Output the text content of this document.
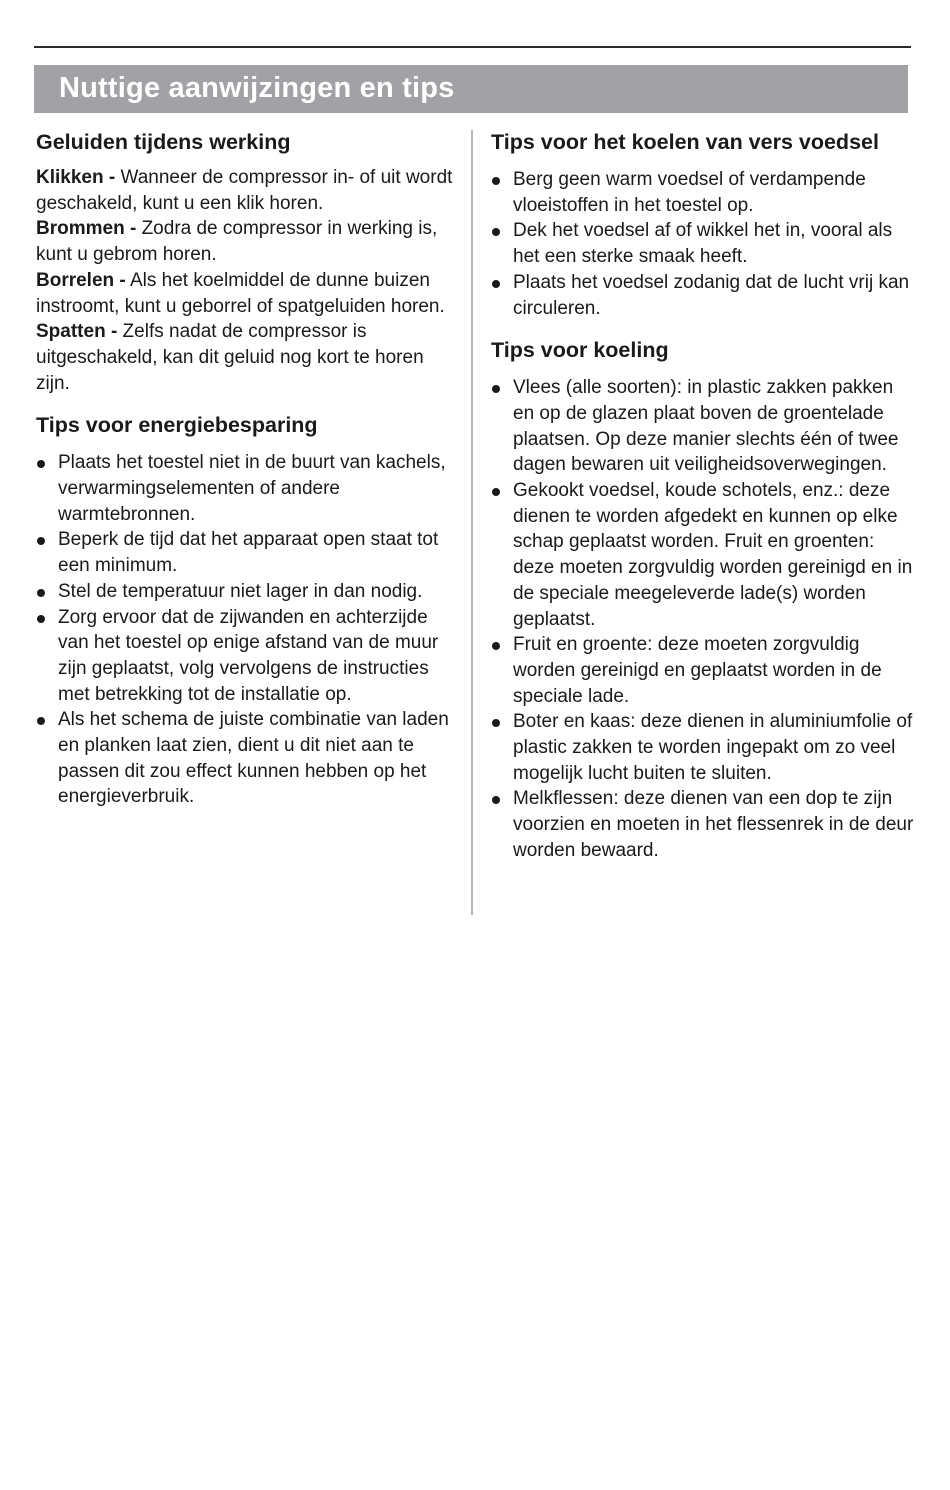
Nuttige aanwijzingen en tips
Geluiden tijdens werking

Klikken - Wanneer de compressor in- of uit wordt geschakeld, kunt u een klik horen.

Brommen - Zodra de compressor in werking is, kunt u gebrom horen.

Borrelen - Als het koelmiddel de dunne buizen instroomt, kunt u geborrel of spatgeluiden horen.

Spatten - Zelfs nadat de compressor is uitgeschakeld, kan dit geluid nog kort te horen zijn.

Tips voor energiebesparing
Plaats het toestel niet in de buurt van kachels, verwarmingselementen of andere warmtebronnen.
Beperk de tijd dat het apparaat open staat tot een minimum.
Stel de temperatuur niet lager in dan nodig.
Zorg ervoor dat de zijwanden en achterzijde van het toestel op enige afstand van de muur zijn geplaatst, volg vervolgens de instructies met betrekking tot de installatie op.
Als het schema de juiste combinatie van laden en planken laat zien, dient u dit niet aan te passen dit zou effect kunnen hebben op het energieverbruik.
Tips voor het koelen van vers voedsel
Berg geen warm voedsel of verdampende vloeistoffen in het toestel op.
Dek het voedsel af of wikkel het in, vooral als het een sterke smaak heeft.
Plaats het voedsel zodanig dat de lucht vrij kan circuleren.
Tips voor koeling
Vlees (alle soorten): in plastic zakken pakken en op de glazen plaat boven de groentelade plaatsen. Op deze manier slechts één of twee dagen bewaren uit veiligheidsoverwegingen.
Gekookt voedsel, koude schotels, enz.: deze dienen te worden afgedekt en kunnen op elke schap geplaatst worden. Fruit en groenten: deze moeten zorgvuldig worden gereinigd en in de speciale meegeleverde lade(s) worden geplaatst.
Fruit en groente: deze moeten zorgvuldig worden gereinigd en geplaatst worden in de speciale lade.
Boter en kaas: deze dienen in aluminiumfolie of plastic zakken te worden ingepakt om zo veel mogelijk lucht buiten te sluiten.
Melkflessen: deze dienen van een dop te zijn voorzien en moeten in het flessenrek in de deur worden bewaard.
